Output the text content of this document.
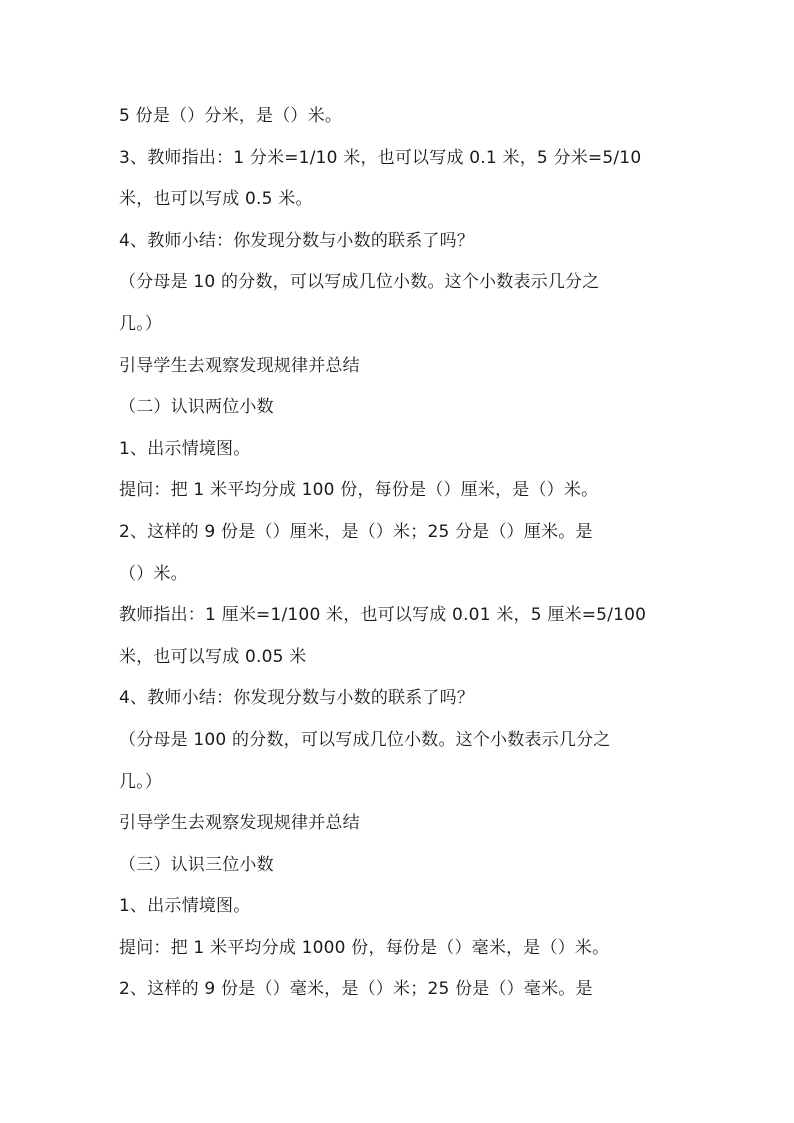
5 份是（）分米，是（）米。
3、教师指出：1 分米=1/10 米，也可以写成 0.1 米，5 分米=5/10
米，也可以写成 0.5 米。
4、教师小结：你发现分数与小数的联系了吗？
（分母是 10 的分数，可以写成几位小数。这个小数表示几分之
几。）
引导学生去观察发现规律并总结
（二）认识两位小数
1、出示情境图。
提问：把 1 米平均分成 100 份，每份是（）厘米，是（）米。
2、这样的 9 份是（）厘米，是（）米；25 分是（）厘米。是
（）米。
教师指出：1 厘米=1/100 米，也可以写成 0.01 米，5 厘米=5/100
米，也可以写成 0.05 米
4、教师小结：你发现分数与小数的联系了吗？
（分母是 100 的分数，可以写成几位小数。这个小数表示几分之
几。）
引导学生去观察发现规律并总结
（三）认识三位小数
1、出示情境图。
提问：把 1 米平均分成 1000 份，每份是（）毫米，是（）米。
2、这样的 9 份是（）毫米，是（）米；25 份是（）毫米。是
